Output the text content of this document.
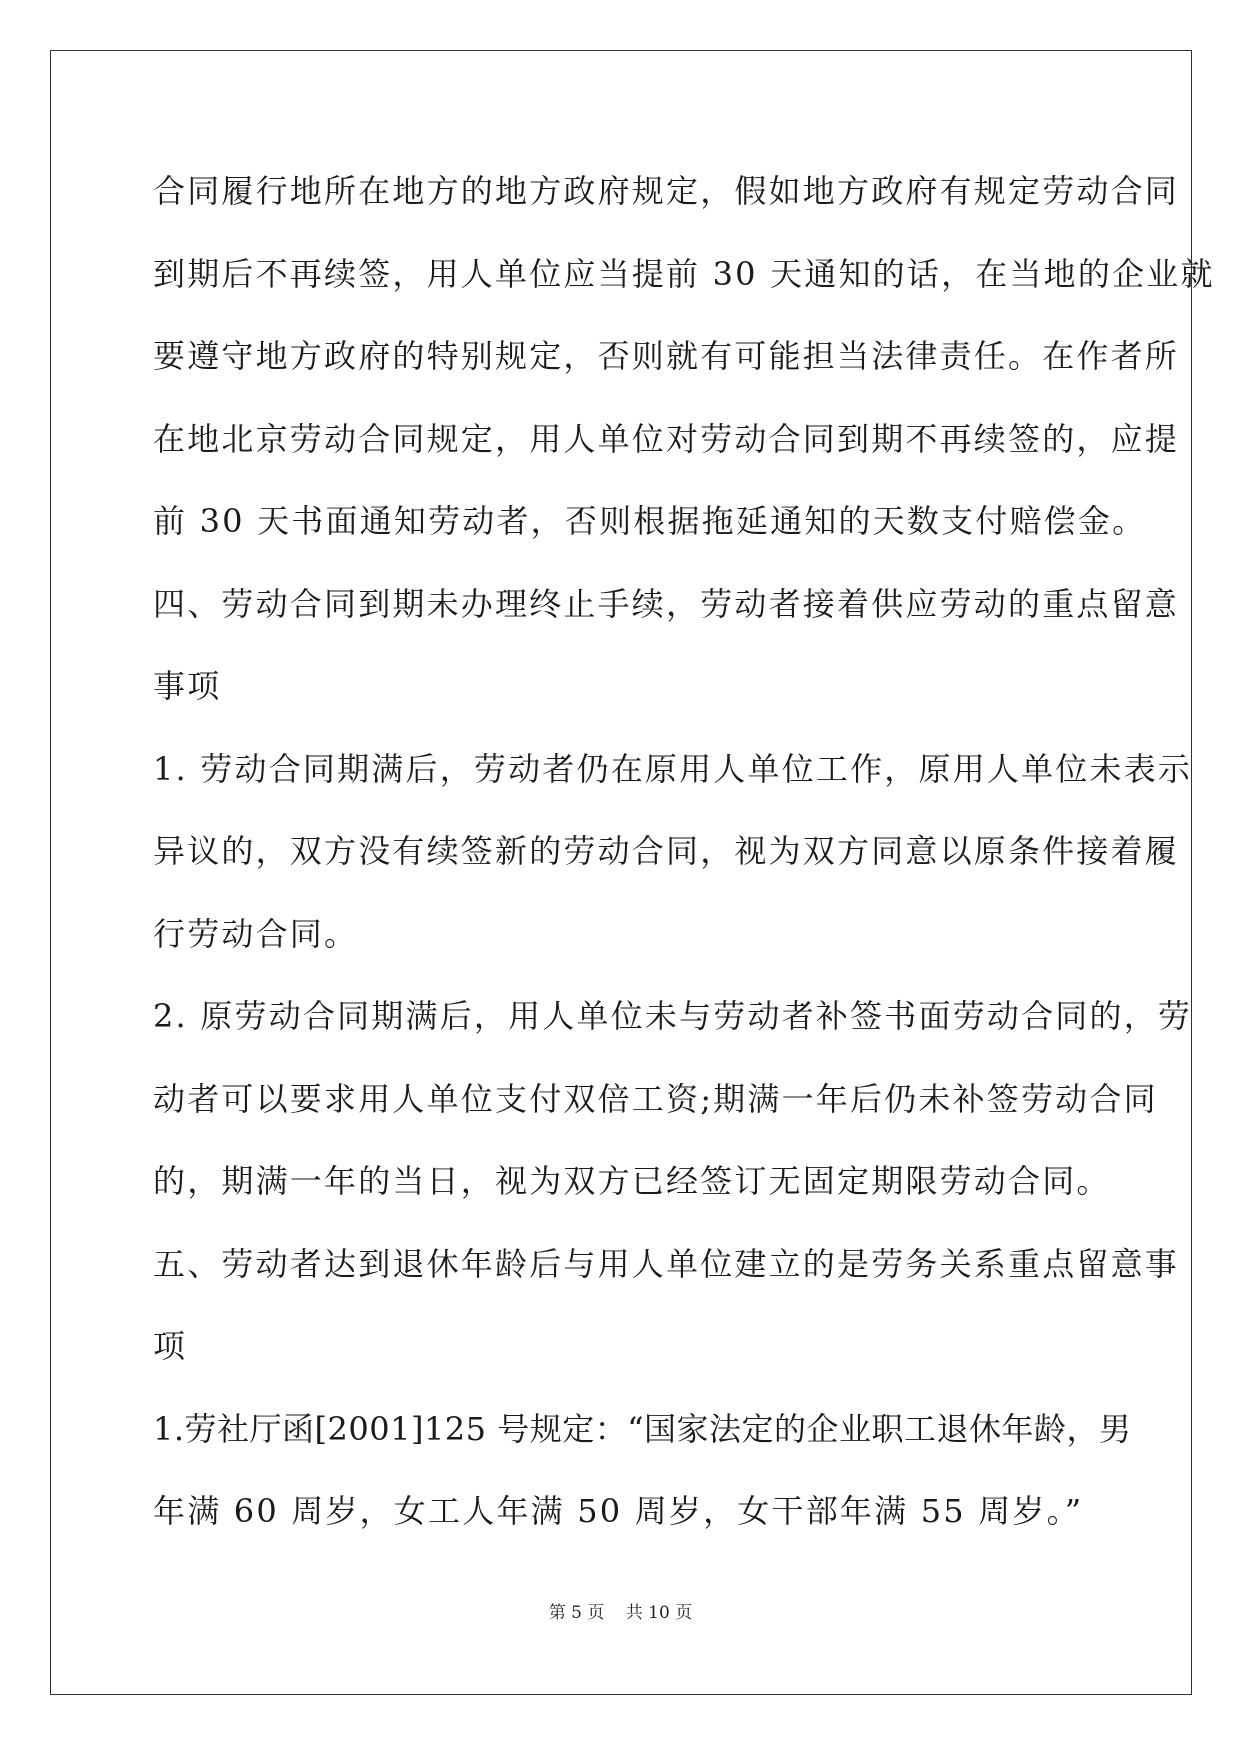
合同履行地所在地方的地方政府规定，假如地方政府有规定劳动合同
到期后不再续签，用人单位应当提前 30 天通知的话，在当地的企业就
要遵守地方政府的特别规定，否则就有可能担当法律责任。在作者所
在地北京劳动合同规定，用人单位对劳动合同到期不再续签的，应提
前 30 天书面通知劳动者，否则根据拖延通知的天数支付赔偿金。
四、劳动合同到期未办理终止手续，劳动者接着供应劳动的重点留意
事项
1. 劳动合同期满后，劳动者仍在原用人单位工作，原用人单位未表示
异议的，双方没有续签新的劳动合同，视为双方同意以原条件接着履
行劳动合同。
2. 原劳动合同期满后，用人单位未与劳动者补签书面劳动合同的，劳
动者可以要求用人单位支付双倍工资;期满一年后仍未补签劳动合同
的，期满一年的当日，视为双方已经签订无固定期限劳动合同。
五、劳动者达到退休年龄后与用人单位建立的是劳务关系重点留意事
项
1.劳社厅函[2001]125 号规定：“国家法定的企业职工退休年龄，男
年满 60 周岁，女工人年满 50 周岁，女干部年满 55 周岁。”
第 5 页 共 10 页
